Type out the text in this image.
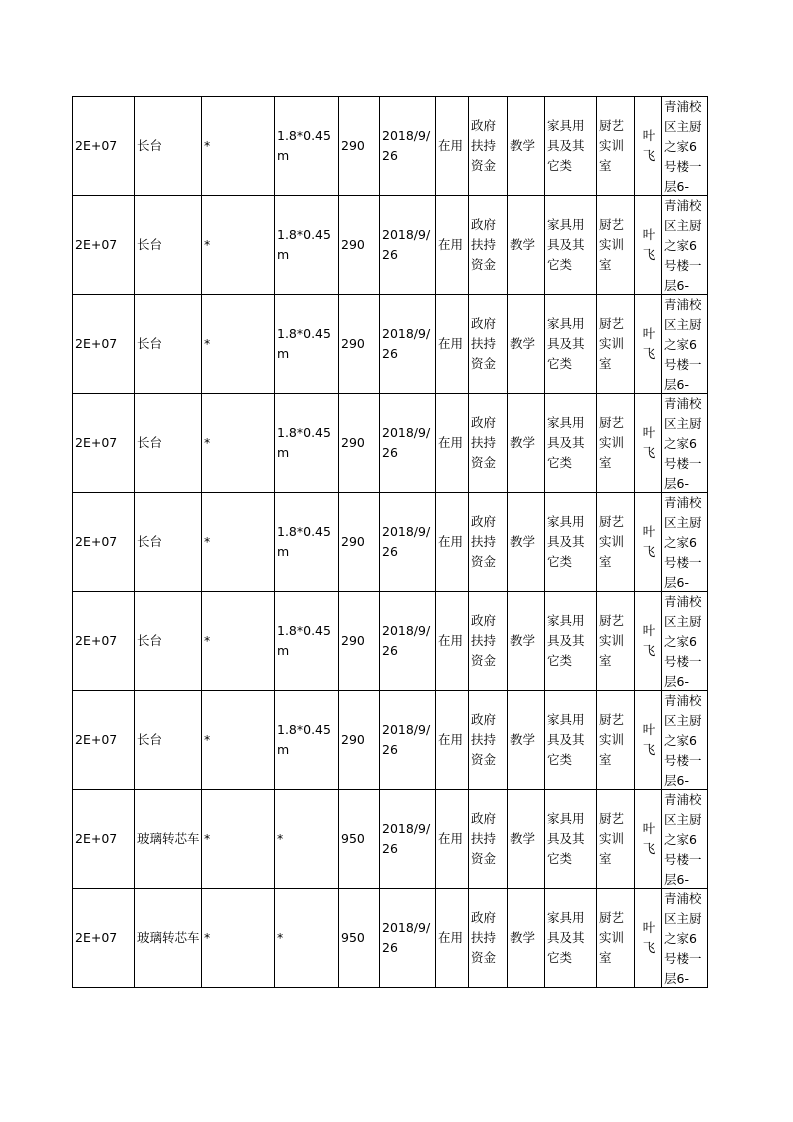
2E+07	长台	*	1.8*0.45m	290	2018/9/26	在用	政府扶持资金	教学	家具用具及其它类	厨艺实训室	叶飞	青浦校区主厨之家6号楼一层6-

2E+07	长台	*	1.8*0.45m	290	2018/9/26	在用	政府扶持资金	教学	家具用具及其它类	厨艺实训室	叶飞	青浦校区主厨之家6号楼一层6-

2E+07	长台	*	1.8*0.45m	290	2018/9/26	在用	政府扶持资金	教学	家具用具及其它类	厨艺实训室	叶飞	青浦校区主厨之家6号楼一层6-

2E+07	长台	*	1.8*0.45m	290	2018/9/26	在用	政府扶持资金	教学	家具用具及其它类	厨艺实训室	叶飞	青浦校区主厨之家6号楼一层6-

2E+07	长台	*	1.8*0.45m	290	2018/9/26	在用	政府扶持资金	教学	家具用具及其它类	厨艺实训室	叶飞	青浦校区主厨之家6号楼一层6-

2E+07	长台	*	1.8*0.45m	290	2018/9/26	在用	政府扶持资金	教学	家具用具及其它类	厨艺实训室	叶飞	青浦校区主厨之家6号楼一层6-

2E+07	长台	*	1.8*0.45m	290	2018/9/26	在用	政府扶持资金	教学	家具用具及其它类	厨艺实训室	叶飞	青浦校区主厨之家6号楼一层6-

2E+07	玻璃转芯车	*	*	950	2018/9/26	在用	政府扶持资金	教学	家具用具及其它类	厨艺实训室	叶飞	青浦校区主厨之家6号楼一层6-

2E+07	玻璃转芯车	*	*	950	2018/9/26	在用	政府扶持资金	教学	家具用具及其它类	厨艺实训室	叶飞	青浦校区主厨之家6号楼一层6-
